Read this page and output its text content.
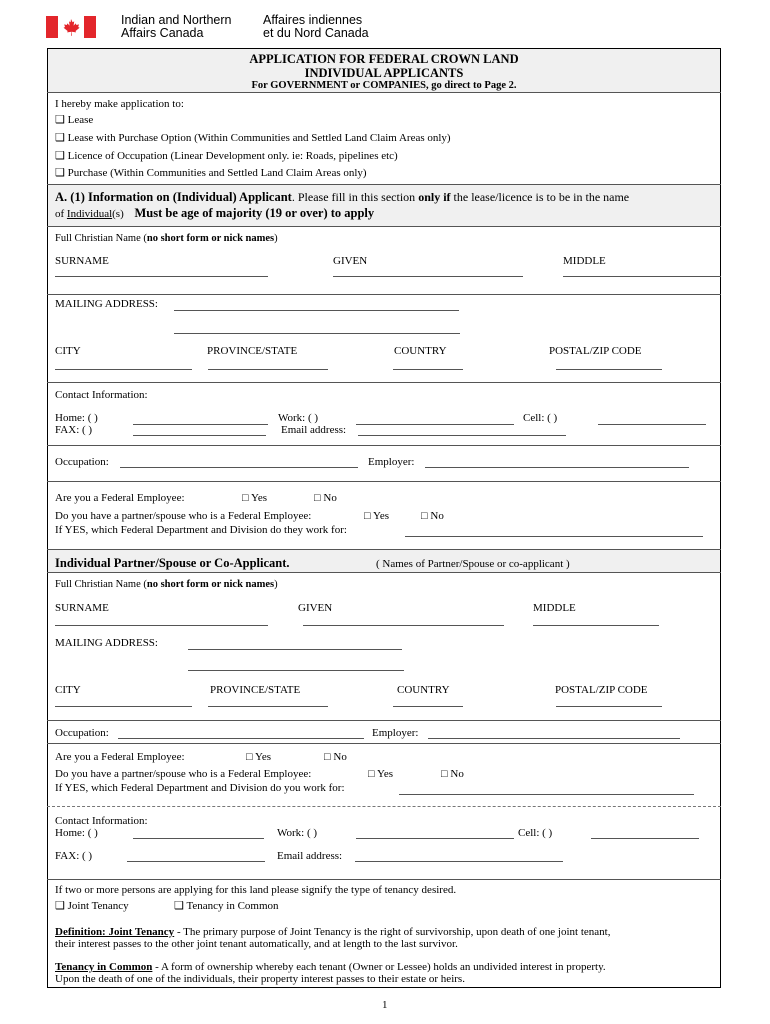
Indian and Northern
Affairs Canada
Affaires indiennes
et du Nord Canada
APPLICATION FOR FEDERAL CROWN LAND
INDIVIDUAL APPLICANTS
For GOVERNMENT or COMPANIES, go direct to Page 2.
I hereby make application to:
❑ Lease
❑ Lease with Purchase Option (Within Communities and Settled Land Claim Areas only)
❑ Licence of Occupation (Linear Development only. ie: Roads, pipelines etc)
❑ Purchase (Within Communities and Settled Land Claim Areas only)
A. (1) Information on (Individual) Applicant. Please fill in this section only if the lease/licence is to be in the name
of Individual(s) Must be age of majority (19 or over) to apply
Full Christian Name (no short form or nick names)
SURNAME	GIVEN	MIDDLE
MAILING ADDRESS:
CITY	PROVINCE/STATE	COUNTRY	POSTAL/ZIP CODE
Contact Information:
Home: ( )	Work: ( )	Cell: ( )
FAX: ( )	Email address:
Occupation:	Employer:
Are you a Federal Employee:	□ Yes	□ No
Do you have a partner/spouse who is a Federal Employee:	□ Yes	□ No
If YES, which Federal Department and Division do they work for:
Individual Partner/Spouse or Co-Applicant.	( Names of Partner/Spouse or co-applicant )
Full Christian Name (no short form or nick names)
SURNAME	GIVEN	MIDDLE
MAILING ADDRESS:
CITY	PROVINCE/STATE	COUNTRY	POSTAL/ZIP CODE
Occupation:	Employer:
Are you a Federal Employee:	□ Yes	□ No
Do you have a partner/spouse who is a Federal Employee:	□ Yes	□ No
If YES, which Federal Department and Division do you work for:
Contact Information:
Home: ( )	Work: ( )	Cell: ( )
FAX: ( )	Email address:
If two or more persons are applying for this land please signify the type of tenancy desired.
❑ Joint Tenancy	❑ Tenancy in Common
Definition: Joint Tenancy - The primary purpose of Joint Tenancy is the right of survivorship, upon death of one joint tenant,
their interest passes to the other joint tenant automatically, and at length to the last survivor.
Tenancy in Common - A form of ownership whereby each tenant (Owner or Lessee) holds an undivided interest in property.
Upon the death of one of the individuals, their property interest passes to their estate or heirs.
1
